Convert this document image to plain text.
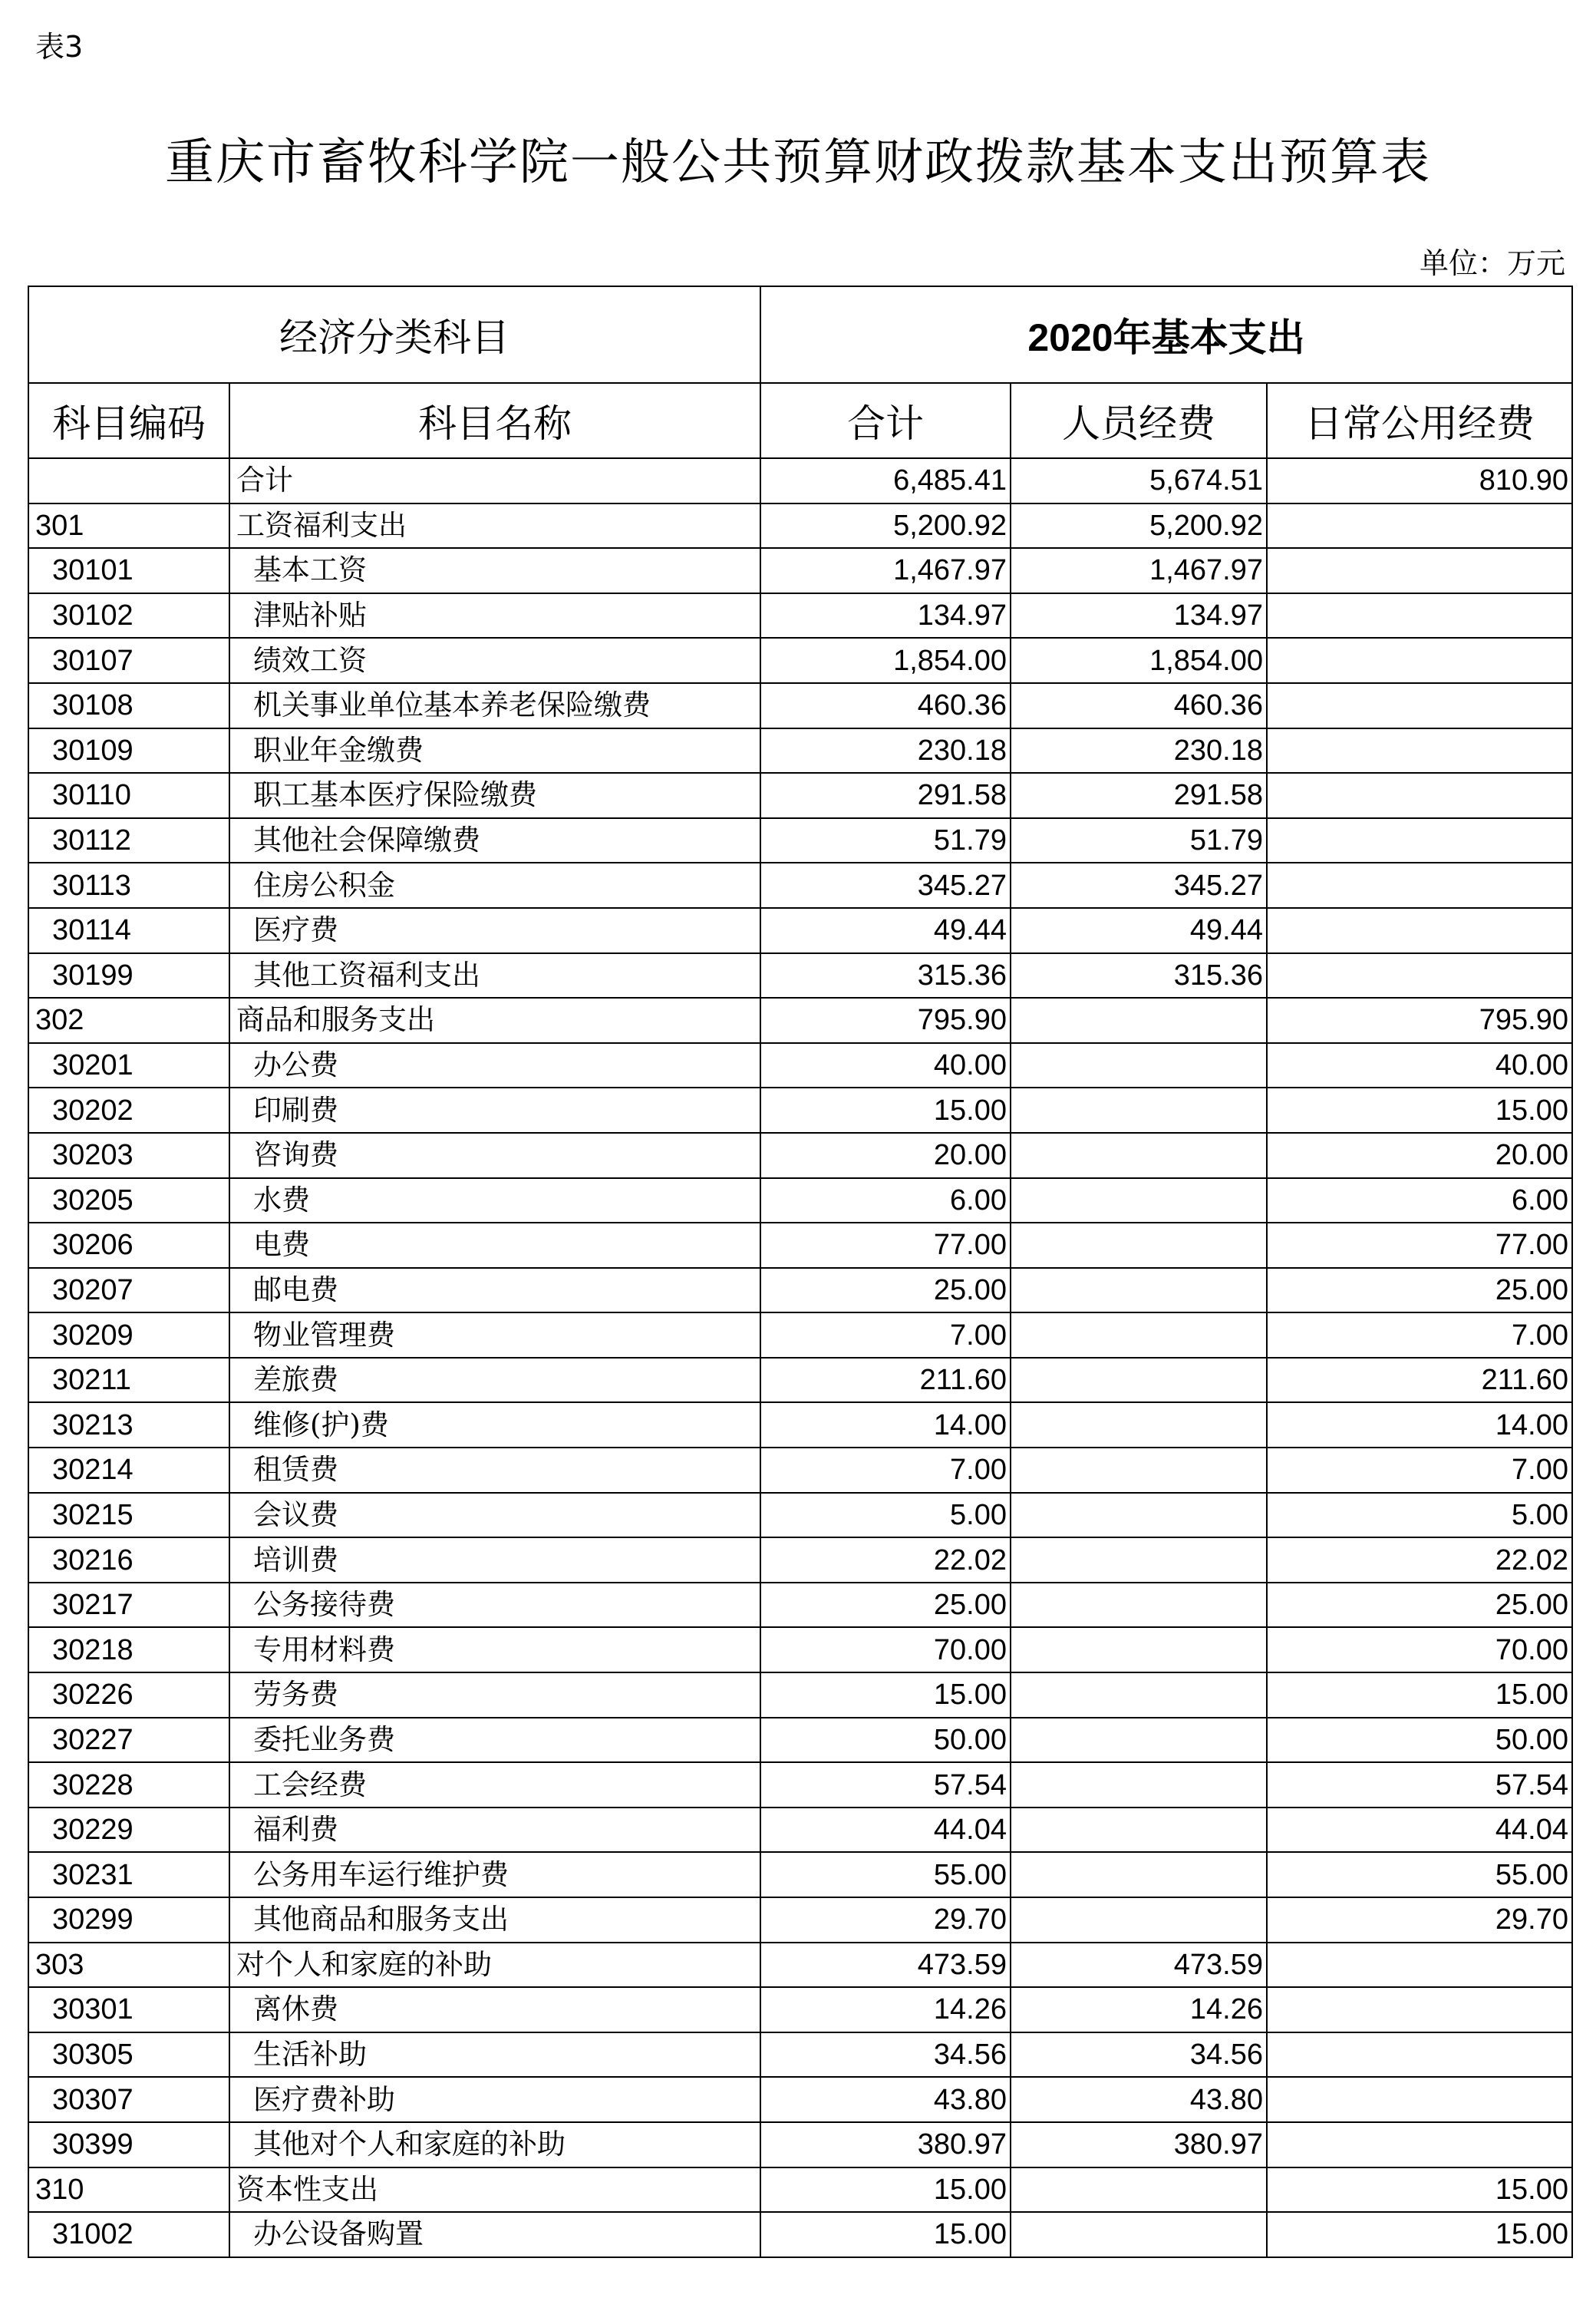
表3
重庆市畜牧科学院一般公共预算财政拨款基本支出预算表
单位：万元
经济分类科目		2020年基本支出		
科目编码	科目名称	合计	人员经费	日常公用经费
	合计	6,485.41	5,674.51	810.90
301	工资福利支出	5,200.92	5,200.92	
30101	基本工资	1,467.97	1,467.97	
30102	津贴补贴	134.97	134.97	
30107	绩效工资	1,854.00	1,854.00	
30108	机关事业单位基本养老保险缴费	460.36	460.36	
30109	职业年金缴费	230.18	230.18	
30110	职工基本医疗保险缴费	291.58	291.58	
30112	其他社会保障缴费	51.79	51.79	
30113	住房公积金	345.27	345.27	
30114	医疗费	49.44	49.44	
30199	其他工资福利支出	315.36	315.36	
302	商品和服务支出	795.90		795.90
30201	办公费	40.00		40.00
30202	印刷费	15.00		15.00
30203	咨询费	20.00		20.00
30205	水费	6.00		6.00
30206	电费	77.00		77.00
30207	邮电费	25.00		25.00
30209	物业管理费	7.00		7.00
30211	差旅费	211.60		211.60
30213	维修(护)费	14.00		14.00
30214	租赁费	7.00		7.00
30215	会议费	5.00		5.00
30216	培训费	22.02		22.02
30217	公务接待费	25.00		25.00
30218	专用材料费	70.00		70.00
30226	劳务费	15.00		15.00
30227	委托业务费	50.00		50.00
30228	工会经费	57.54		57.54
30229	福利费	44.04		44.04
30231	公务用车运行维护费	55.00		55.00
30299	其他商品和服务支出	29.70		29.70
303	对个人和家庭的补助	473.59	473.59	
30301	离休费	14.26	14.26	
30305	生活补助	34.56	34.56	
30307	医疗费补助	43.80	43.80	
30399	其他对个人和家庭的补助	380.97	380.97	
310	资本性支出	15.00		15.00
31002	办公设备购置	15.00		15.00
